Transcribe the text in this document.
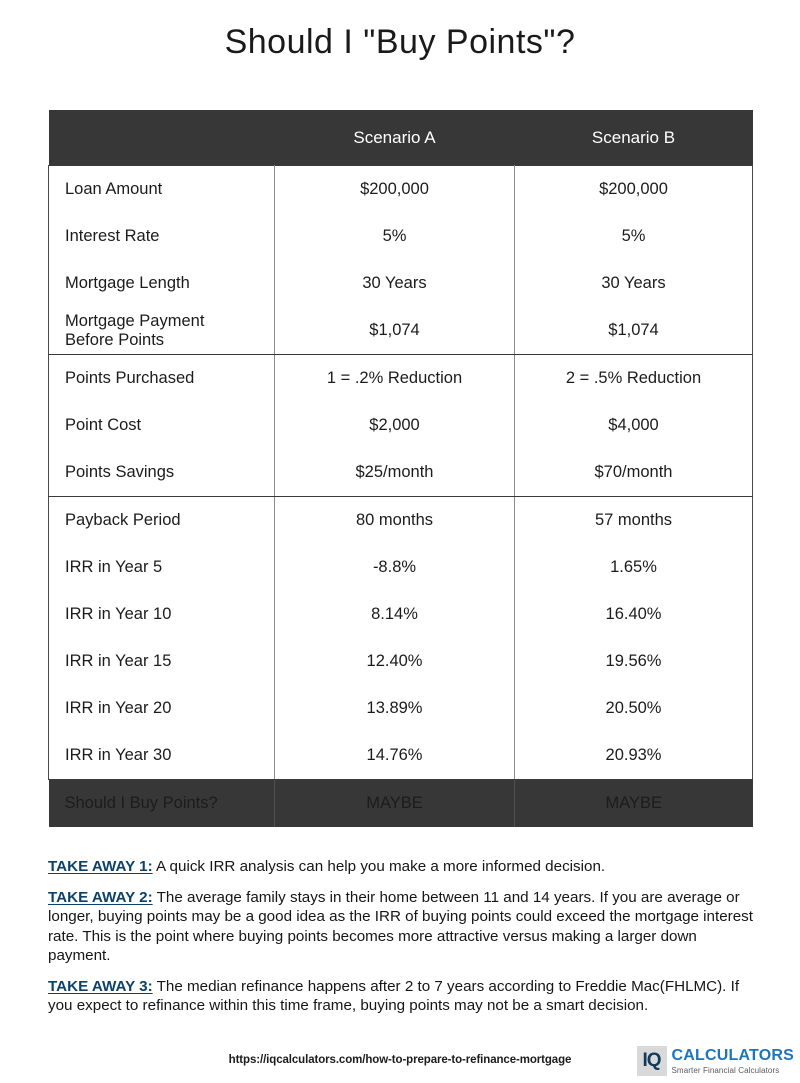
Should I "Buy Points"?
	Scenario A	Scenario B
Loan Amount	$200,000	$200,000
Interest Rate	5%	5%
Mortgage Length	30 Years	30 Years
Mortgage Payment
Before Points	$1,074	$1,074
Points Purchased	1 = .2% Reduction	2 = .5% Reduction
Point Cost	$2,000	$4,000
Points Savings	$25/month	$70/month
Payback Period	80 months	57 months
IRR in Year 5	-8.8%	1.65%
IRR in Year 10	8.14%	16.40%
IRR in Year 15	12.40%	19.56%
IRR in Year 20	13.89%	20.50%
IRR in Year 30	14.76%	20.93%
Should I Buy Points?	MAYBE	MAYBE
TAKE AWAY 1: A quick IRR analysis can help you make a more informed decision.
TAKE AWAY 2: The average family stays in their home between 11 and 14 years. If you are average or longer, buying points may be a good idea as the IRR of buying points could exceed the mortgage interest rate. This is the point where buying points becomes more attractive versus making a larger down payment.
TAKE AWAY 3: The median refinance happens after 2 to 7 years according to Freddie Mac(FHLMC). If you expect to refinance within this time frame, buying points may not be a smart decision.
https://iqcalculators.com/how-to-prepare-to-refinance-mortgage	IQ CALCULATORS
Smarter Financial Calculators
